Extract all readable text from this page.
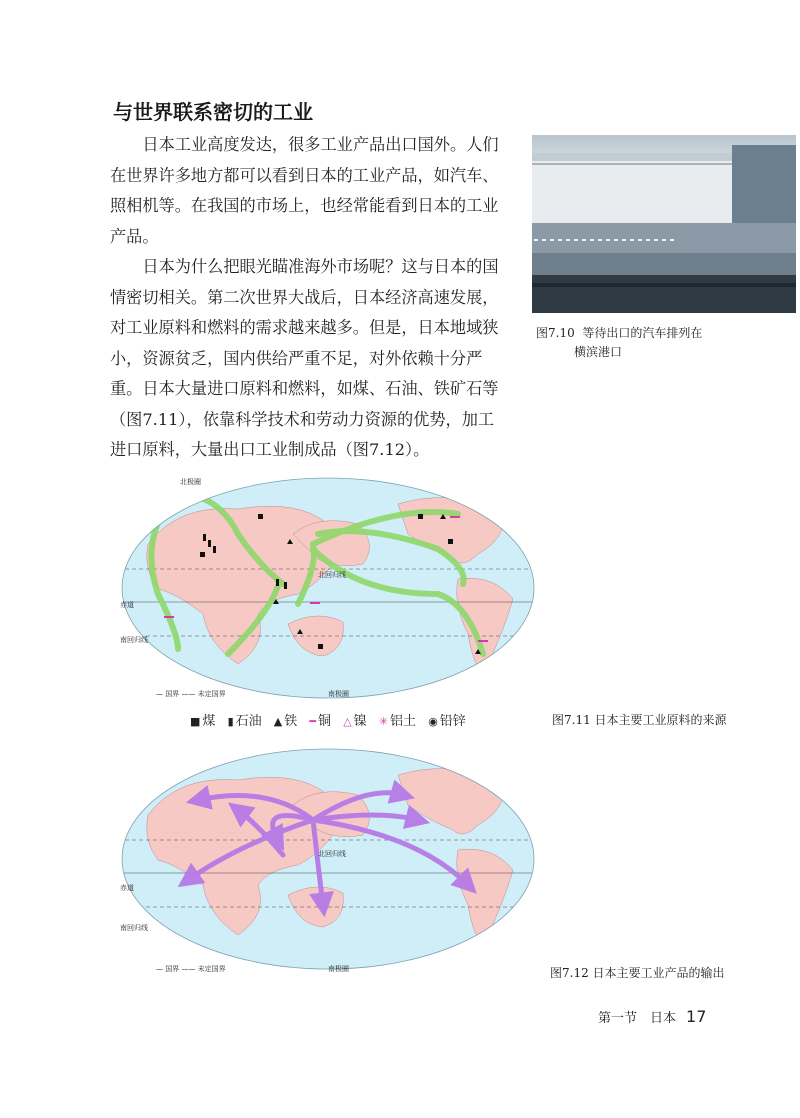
与世界联系密切的工业

日本工业高度发达，很多工业产品出口国外。人们在世界许多地方都可以看到日本的工业产品，如汽车、照相机等。在我国的市场上，也经常能看到日本的工业产品。

日本为什么把眼光瞄准海外市场呢？这与日本的国情密切相关。第二次世界大战后，日本经济高速发展，对工业原料和燃料的需求越来越多。但是，日本地域狭小，资源贫乏，国内供给严重不足，对外依赖十分严重。日本大量进口原料和燃料，如煤、石油、铁矿石等（图7.11），依靠科学技术和劳动力资源的优势，加工进口原料，大量出口工业制成品（图7.12）。

图7.10 等待出口的汽车排列在
横滨港口
北极圈
北回归线
赤道
南回归线
南极圈
— 国界 —— 未定国界
■ 煤 ▮ 石油 ▲ 铁 ━ 铜 △ 镍 ✳ 铝土 ◉ 铅锌	图7.11 日本主要工业原料的来源
北回归线
赤道
南回归线
南极圈
— 国界 —— 未定国界	图7.12 日本主要工业产品的输出
第一节　日本 17
